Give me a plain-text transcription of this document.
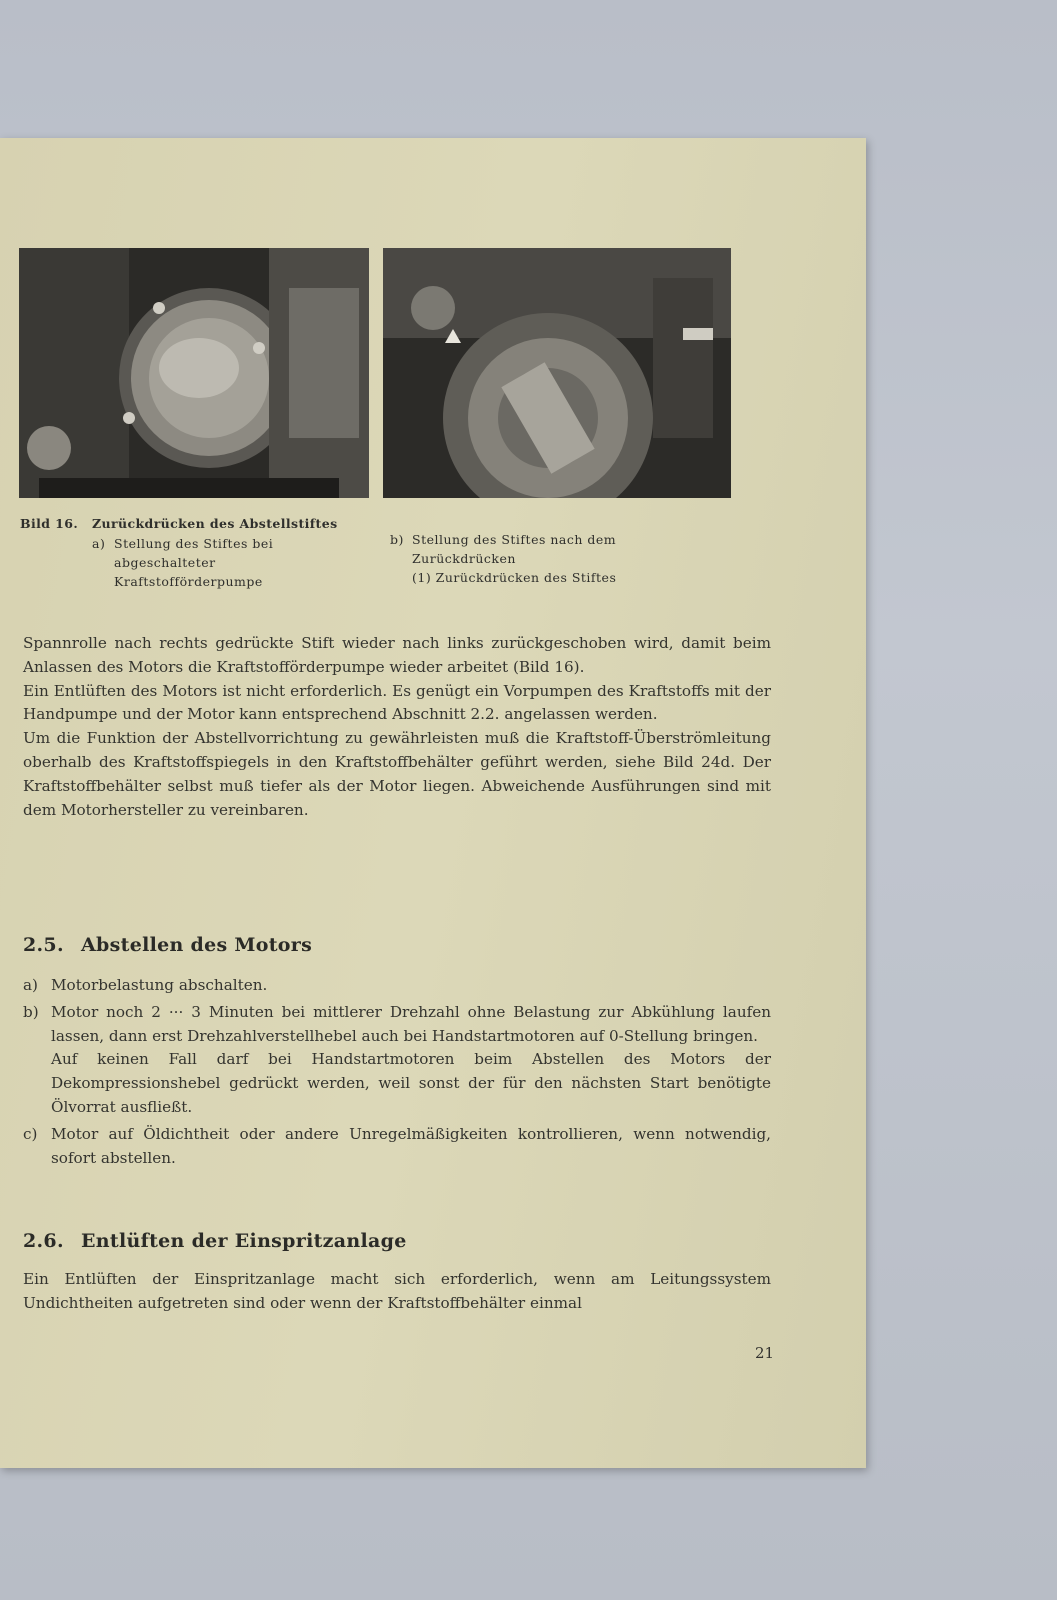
Bild 16. Zurückdrücken des Abstellstiftes
a) Stellung des Stiftes bei abgeschalteter Kraftstofförderpumpe
b) Stellung des Stiftes nach dem Zurückdrücken
(1) Zurückdrücken des Stiftes

Spannrolle nach rechts gedrückte Stift wieder nach links zurückgeschoben wird, damit beim Anlassen des Motors die Kraftstofförderpumpe wieder arbeitet (Bild 16).

Ein Entlüften des Motors ist nicht erforderlich. Es genügt ein Vorpumpen des Kraftstoffs mit der Handpumpe und der Motor kann entsprechend Abschnitt 2.2. angelassen werden.

Um die Funktion der Abstellvorrichtung zu gewährleisten muß die Kraftstoff-Überströmleitung oberhalb des Kraftstoffspiegels in den Kraftstoffbehälter geführt werden, siehe Bild 24d. Der Kraftstoffbehälter selbst muß tiefer als der Motor liegen. Abweichende Ausführungen sind mit dem Motorhersteller zu vereinbaren.

2.5. Abstellen des Motors
a) Motorbelastung abschalten.

b) Motor noch 2 ··· 3 Minuten bei mittlerer Drehzahl ohne Belastung zur Abkühlung laufen lassen, dann erst Drehzahlverstellhebel auch bei Handstartmotoren auf 0-Stellung bringen.

Auf keinen Fall darf bei Handstartmotoren beim Abstellen des Motors der Dekompressionshebel gedrückt werden, weil sonst der für den nächsten Start benötigte Ölvorrat ausfließt.

c) Motor auf Öldichtheit oder andere Unregelmäßigkeiten kontrollieren, wenn notwendig, sofort abstellen.

2.6. Entlüften der Einspritzanlage

Ein Entlüften der Einspritzanlage macht sich erforderlich, wenn am Leitungssystem Undichtheiten aufgetreten sind oder wenn der Kraftstoffbehälter einmal

21
